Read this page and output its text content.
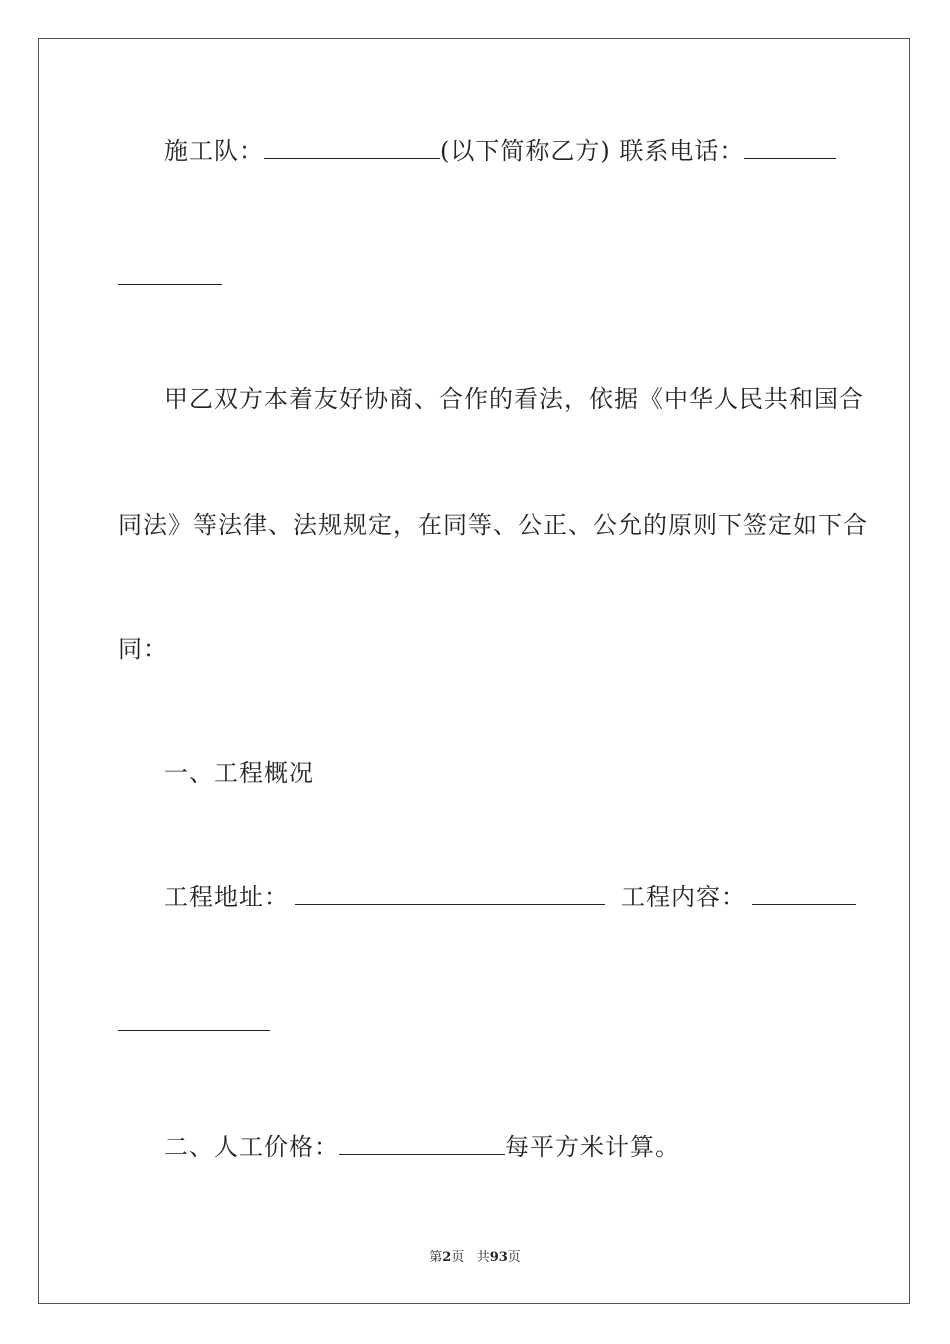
施工队：	(以下简称乙方) 联系电话：
甲乙双方本着友好协商、合作的看法，依据《中华人民共和国合
同法》等法律、法规规定，在同等、公正、公允的原则下签定如下合
同：
一、工程概况
工程地址：	工程内容：
二、人工价格：	每平方米计算。
第2页 共93页
